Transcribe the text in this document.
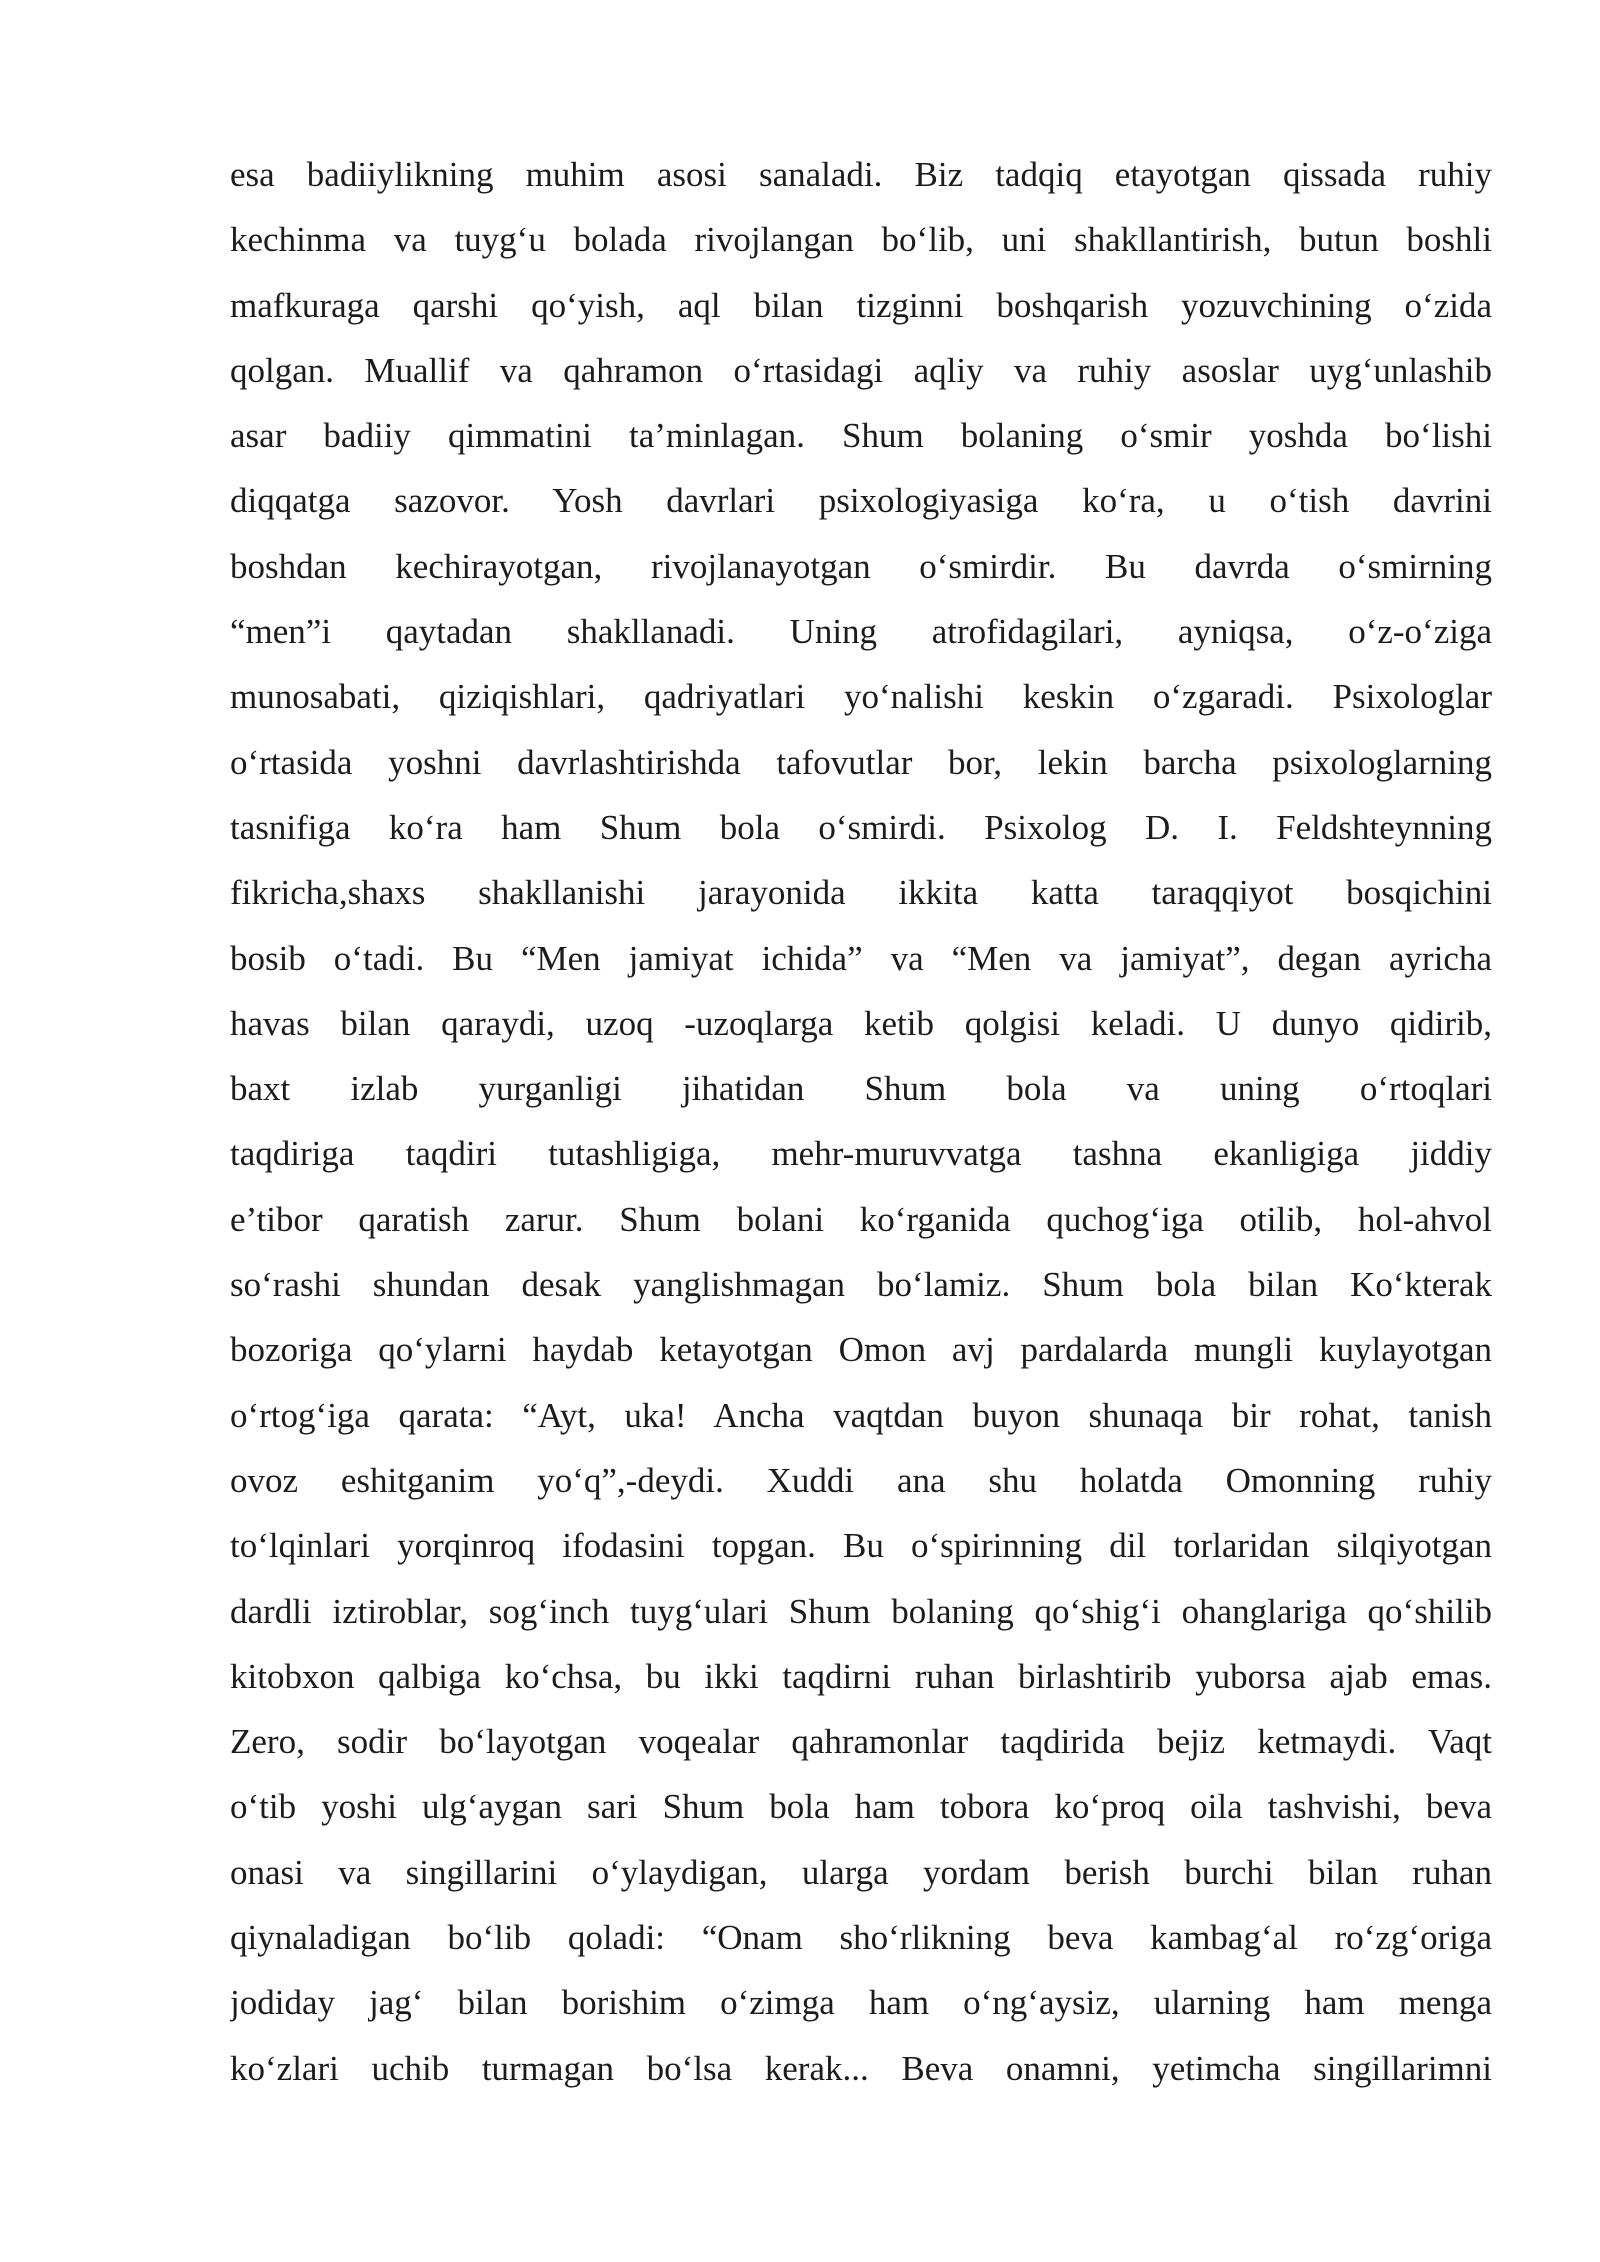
esa badiiylikning muhim asosi sanaladi. Biz tadqiq etayotgan qissada ruhiy
kechinma va tuyg‘u bolada rivojlangan bo‘lib, uni shakllantirish, butun boshli
mafkuraga qarshi qo‘yish, aql bilan tizginni boshqarish yozuvchining o‘zida
qolgan. Muallif va qahramon o‘rtasidagi aqliy va ruhiy asoslar uyg‘unlashib
asar badiiy qimmatini ta’minlagan. Shum bolaning o‘smir yoshda bo‘lishi
diqqatga sazovor. Yosh davrlari psixologiyasiga ko‘ra, u o‘tish davrini
boshdan kechirayotgan, rivojlanayotgan o‘smirdir. Bu davrda o‘smirning
“men”i qaytadan shakllanadi. Uning atrofidagilari, ayniqsa, o‘z-o‘ziga
munosabati, qiziqishlari, qadriyatlari yo‘nalishi keskin o‘zgaradi. Psixologlar
o‘rtasida yoshni davrlashtirishda tafovutlar bor, lekin barcha psixologlarning
tasnifiga ko‘ra ham Shum bola o‘smirdi. Psixolog D. I. Feldshteynning
fikricha,shaxs shakllanishi jarayonida ikkita katta taraqqiyot bosqichini
bosib o‘tadi. Bu “Men jamiyat ichida” va “Men va jamiyat”, degan ayricha
havas bilan qaraydi, uzoq -uzoqlarga ketib qolgisi keladi. U dunyo qidirib,
baxt izlab yurganligi jihatidan Shum bola va uning o‘rtoqlari
taqdiriga taqdiri tutashligiga, mehr-muruvvatga tashna ekanligiga jiddiy
e’tibor qaratish zarur. Shum bolani ko‘rganida quchog‘iga otilib, hol-ahvol
so‘rashi shundan desak yanglishmagan bo‘lamiz. Shum bola bilan Ko‘kterak
bozoriga qo‘ylarni haydab ketayotgan Omon avj pardalarda mungli kuylayotgan
o‘rtog‘iga qarata: “Ayt, uka! Ancha vaqtdan buyon shunaqa bir rohat, tanish
ovoz eshitganim yo‘q”,-deydi. Xuddi ana shu holatda Omonning ruhiy
to‘lqinlari yorqinroq ifodasini topgan. Bu o‘spirinning dil torlaridan silqiyotgan
dardli iztiroblar, sog‘inch tuyg‘ulari Shum bolaning qo‘shig‘i ohanglariga qo‘shilib
kitobxon qalbiga ko‘chsa, bu ikki taqdirni ruhan birlashtirib yuborsa ajab emas.
Zero, sodir bo‘layotgan voqealar qahramonlar taqdirida bejiz ketmaydi. Vaqt
o‘tib yoshi ulg‘aygan sari Shum bola ham tobora ko‘proq oila tashvishi, beva
onasi va singillarini o‘ylaydigan, ularga yordam berish burchi bilan ruhan
qiynaladigan bo‘lib qoladi: “Onam sho‘rlikning beva kambag‘al ro‘zg‘origa
jodiday jag‘ bilan borishim o‘zimga ham o‘ng‘aysiz, ularning ham menga
ko‘zlari uchib turmagan bo‘lsa kerak... Beva onamni, yetimcha singillarimni
